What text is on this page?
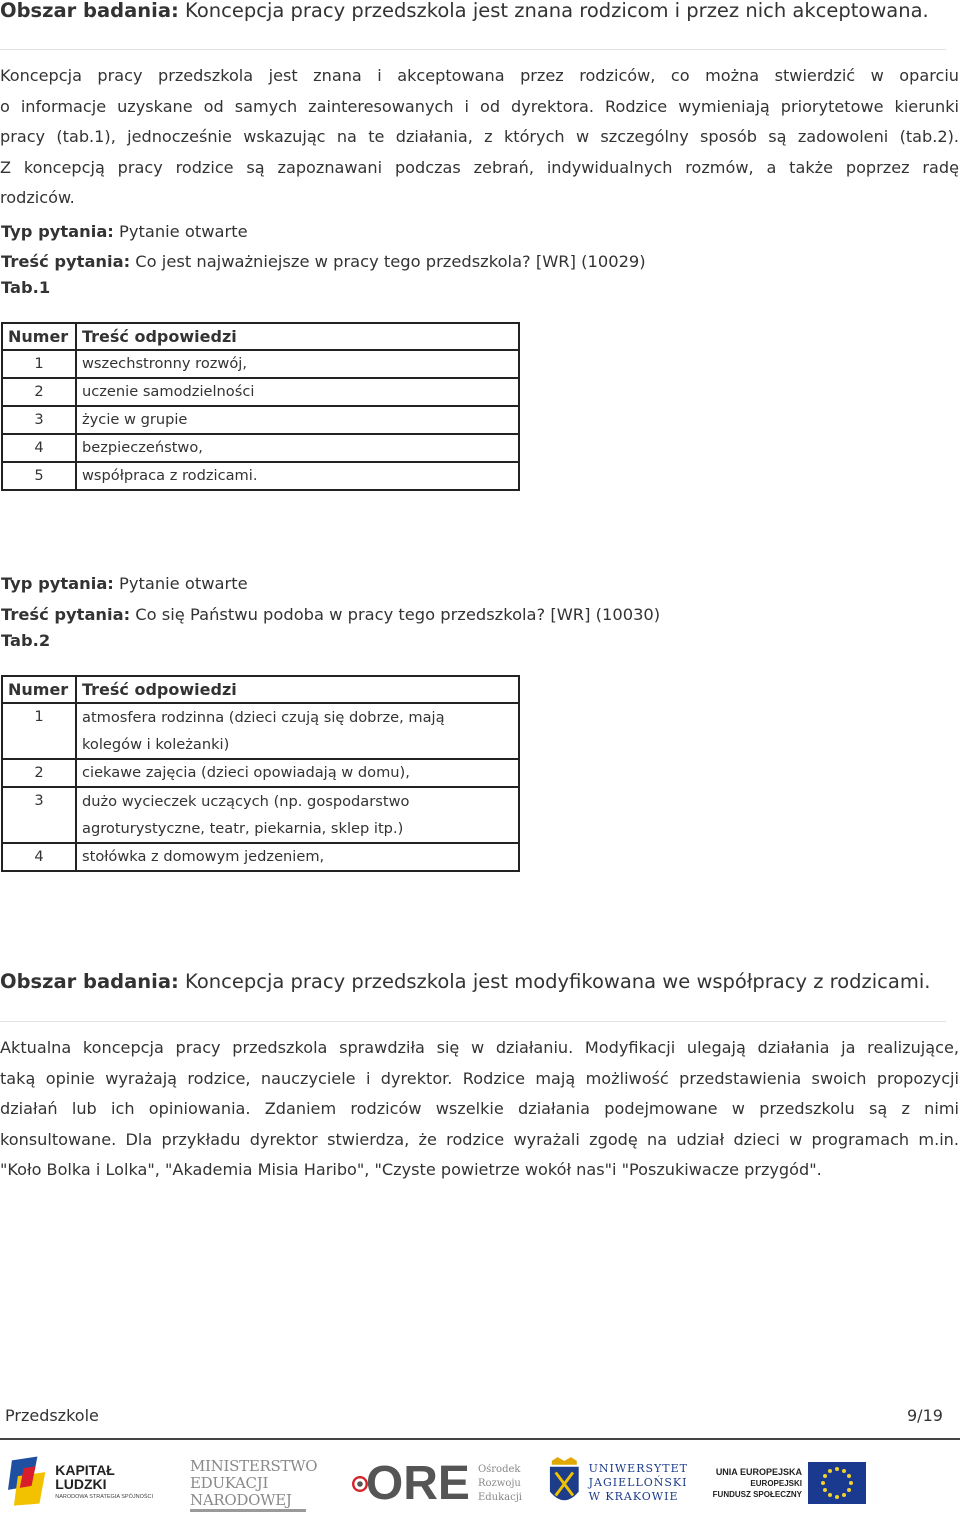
Obszar badania: Koncepcja pracy przedszkola jest znana rodzicom i przez nich akceptowana.
Koncepcja pracy przedszkola jest znana i akceptowana przez rodziców, co można stwierdzić w oparciu
o informacje uzyskane od samych zainteresowanych i od dyrektora. Rodzice wymieniają priorytetowe kierunki
pracy (tab.1), jednocześnie wskazując na te działania, z których w szczególny sposób są zadowoleni (tab.2).
Z koncepcją pracy rodzice są zapoznawani podczas zebrań, indywidualnych rozmów, a także poprzez radę
rodziców.
Typ pytania: Pytanie otwarte
Treść pytania: Co jest najważniejsze w pracy tego przedszkola? [WR] (10029)
Tab.1
Numer	Treść odpowiedzi
1	wszechstronny rozwój,
2	uczenie samodzielności
3	życie w grupie
4	bezpieczeństwo,
5	współpraca z rodzicami.
Typ pytania: Pytanie otwarte
Treść pytania: Co się Państwu podoba w pracy tego przedszkola? [WR] (10030)
Tab.2
Numer	Treść odpowiedzi
1	atmosfera rodzinna (dzieci czują się dobrze, mają
kolegów i koleżanki)

2	ciekawe zajęcia (dzieci opowiadają w domu),
3	dużo wycieczek uczących (np. gospodarstwo
agroturystyczne, teatr, piekarnia, sklep itp.)

4	stołówka z domowym jedzeniem,
Obszar badania: Koncepcja pracy przedszkola jest modyfikowana we współpracy z rodzicami.
Aktualna koncepcja pracy przedszkola sprawdziła się w działaniu. Modyfikacji ulegają działania ja realizujące,
taką opinie wyrażają rodzice, nauczyciele i dyrektor. Rodzice mają możliwość przedstawienia swoich propozycji
działań lub ich opiniowania. Zdaniem rodziców wszelkie działania podejmowane w przedszkolu są z nimi
konsultowane. Dla przykładu dyrektor stwierdza, że rodzice wyrażali zgodę na udział dzieci w programach m.in.
"Koło Bolka i Lolka", "Akademia Misia Haribo", "Czyste powietrze wokół nas"i "Poszukiwacze przygód".
Przedszkole	9/19
KAPITAŁ LUDZKI
NARODOWA STRATEGIA SPÓJNOŚCI
MINISTERSTWO
EDUKACJI
NARODOWEJ	ORE Ośrodek
Rozwoju
Edukacji
UNIWERSYTET
JAGIELLOŃSKI
W KRAKOWIE
UNIA EUROPEJSKA
EUROPEJSKI
FUNDUSZ SPOŁECZNY
